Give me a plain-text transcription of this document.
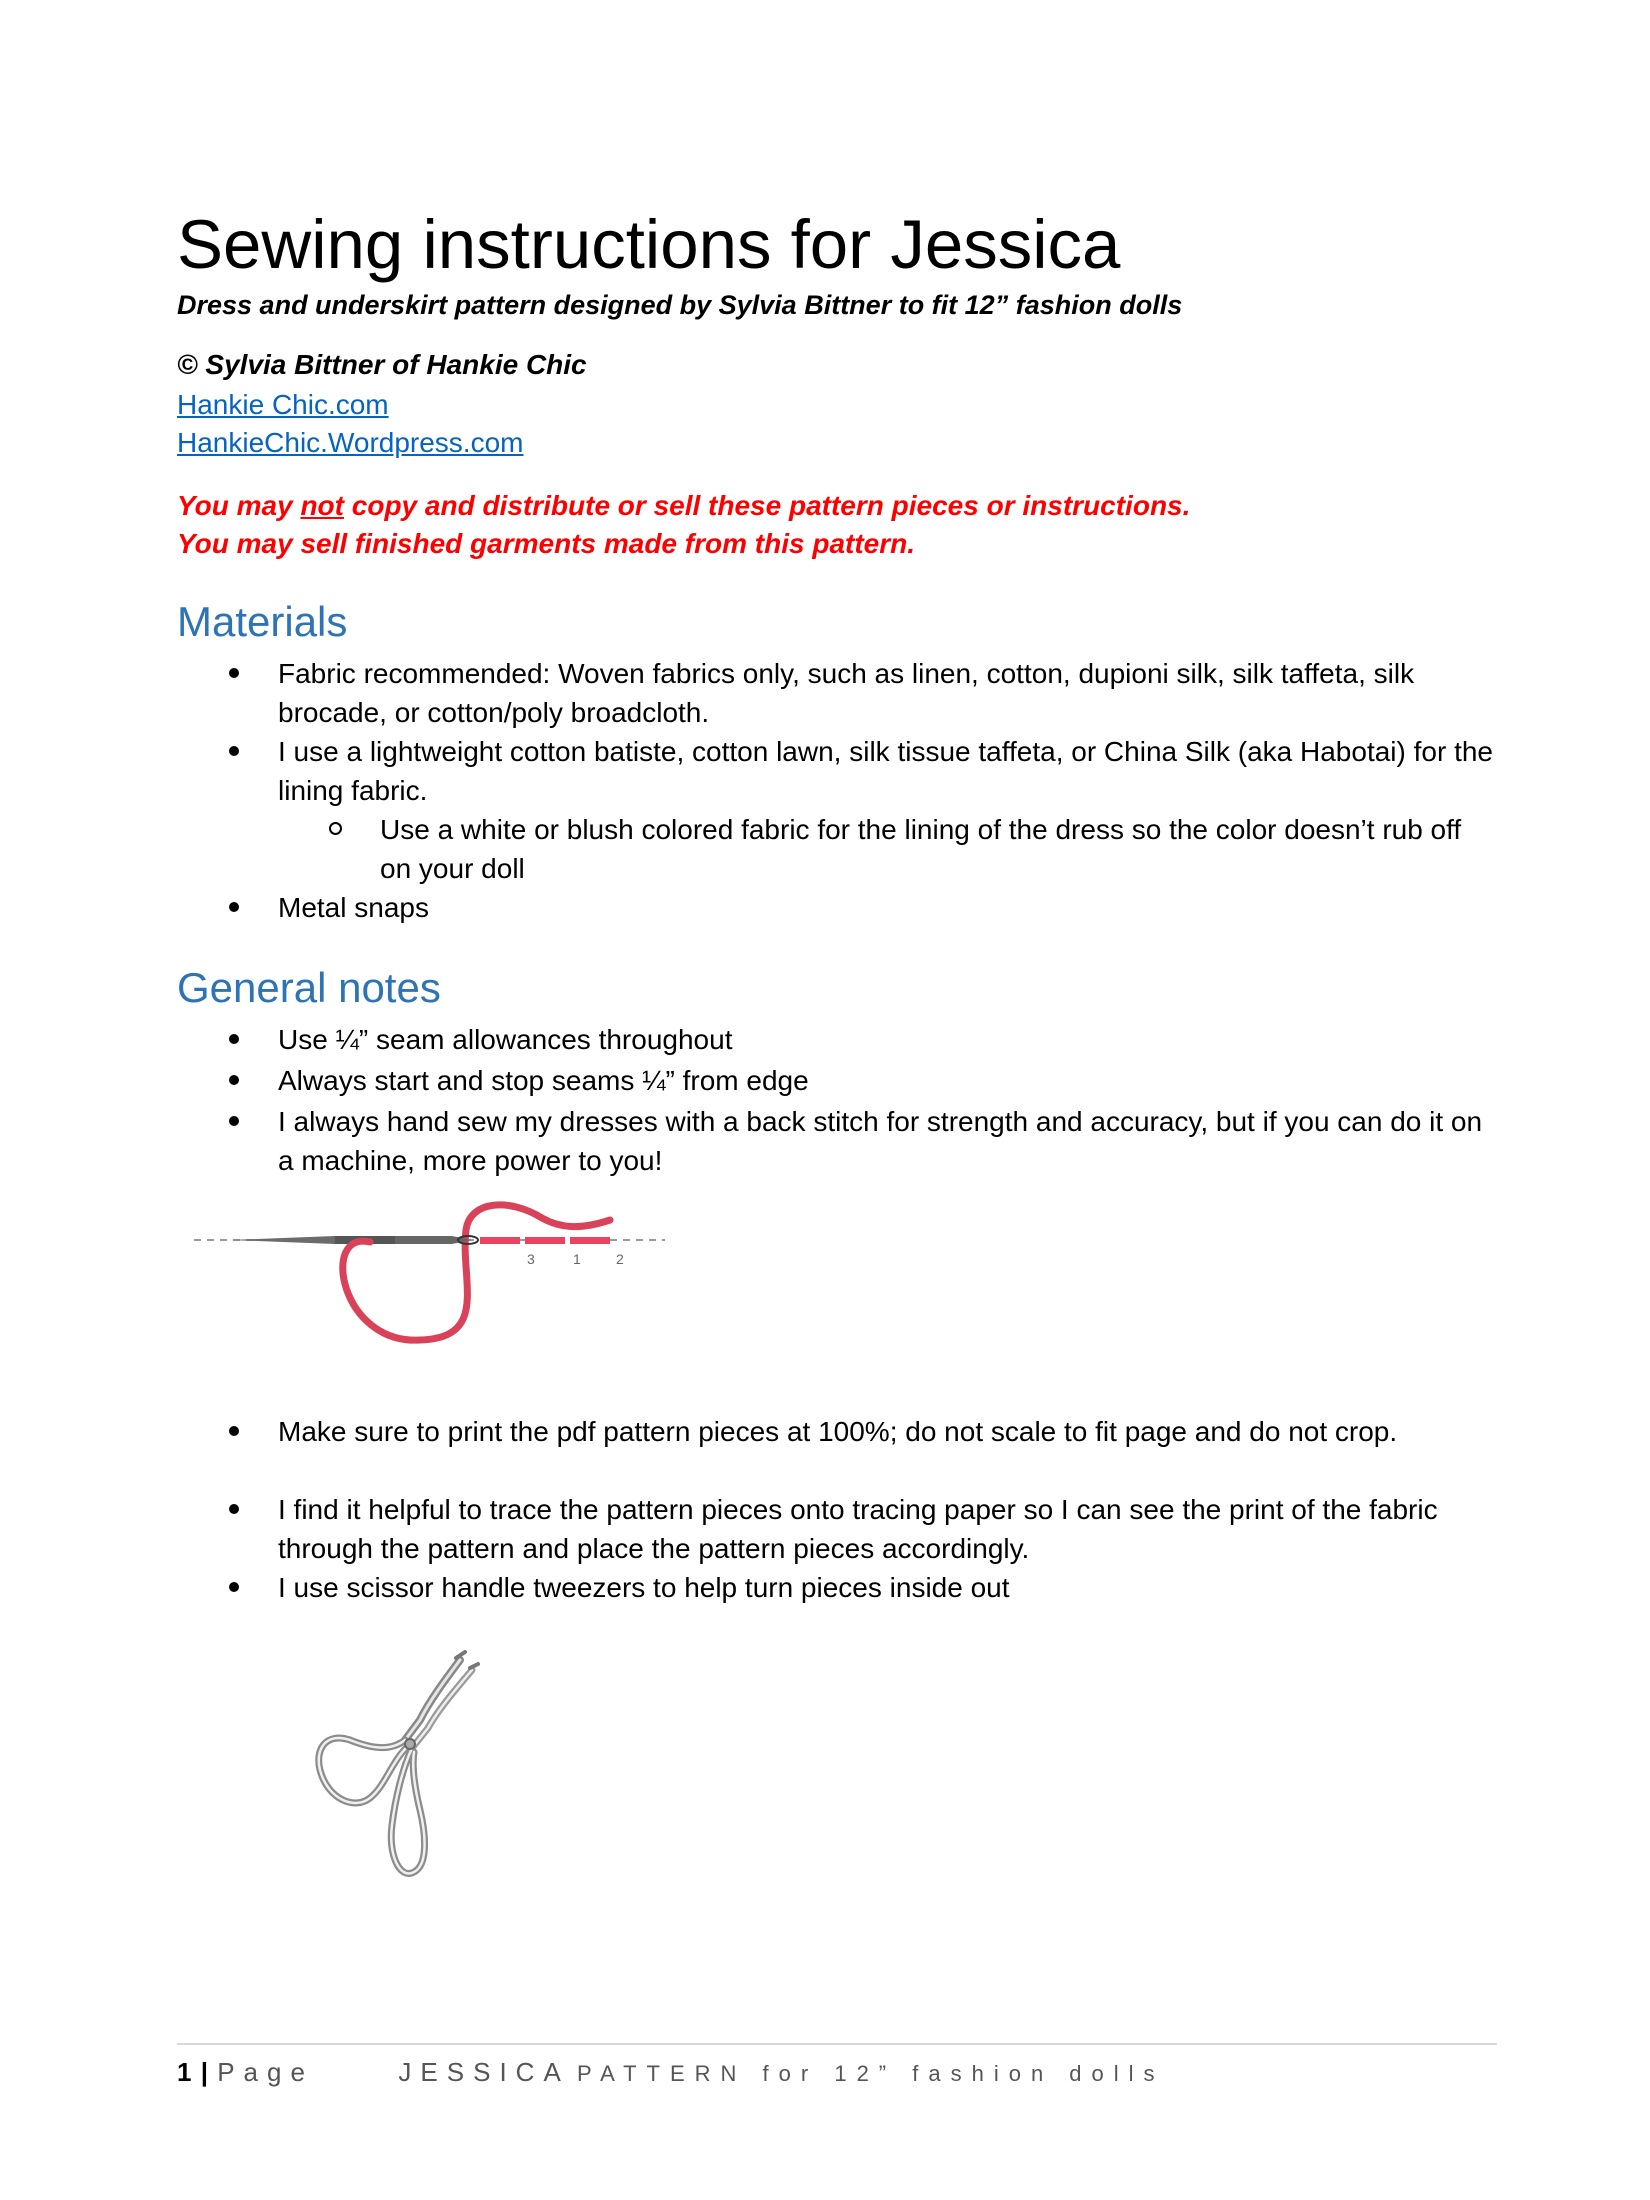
Sewing instructions for Jessica
Dress and underskirt pattern designed by Sylvia Bittner to fit 12” fashion dolls
© Sylvia Bittner of Hankie Chic
Hankie Chic.com
HankieChic.Wordpress.com
You may not copy and distribute or sell these pattern pieces or instructions.
You may sell finished garments made from this pattern.
Materials
Fabric recommended: Woven fabrics only, such as linen, cotton, dupioni silk, silk taffeta, silk brocade, or cotton/poly broadcloth.
I use a lightweight cotton batiste, cotton lawn, silk tissue taffeta, or China Silk (aka Habotai) for the lining fabric.
Use a white or blush colored fabric for the lining of the dress so the color doesn’t rub off on your doll
Metal snaps
General notes
Use ¼” seam allowances throughout
Always start and stop seams ¼” from edge
I always hand sew my dresses with a back stitch for strength and accuracy, but if you can do it on a machine, more power to you!
3	1	2
Make sure to print the pdf pattern pieces at 100%; do not scale to fit page and do not crop.
I find it helpful to trace the pattern pieces onto tracing paper so I can see the print of the fabric through the pattern and place the pattern pieces accordingly.
I use scissor handle tweezers to help turn pieces inside out
1 | Page	JESSICA PATTERN for 12” fashion dolls
